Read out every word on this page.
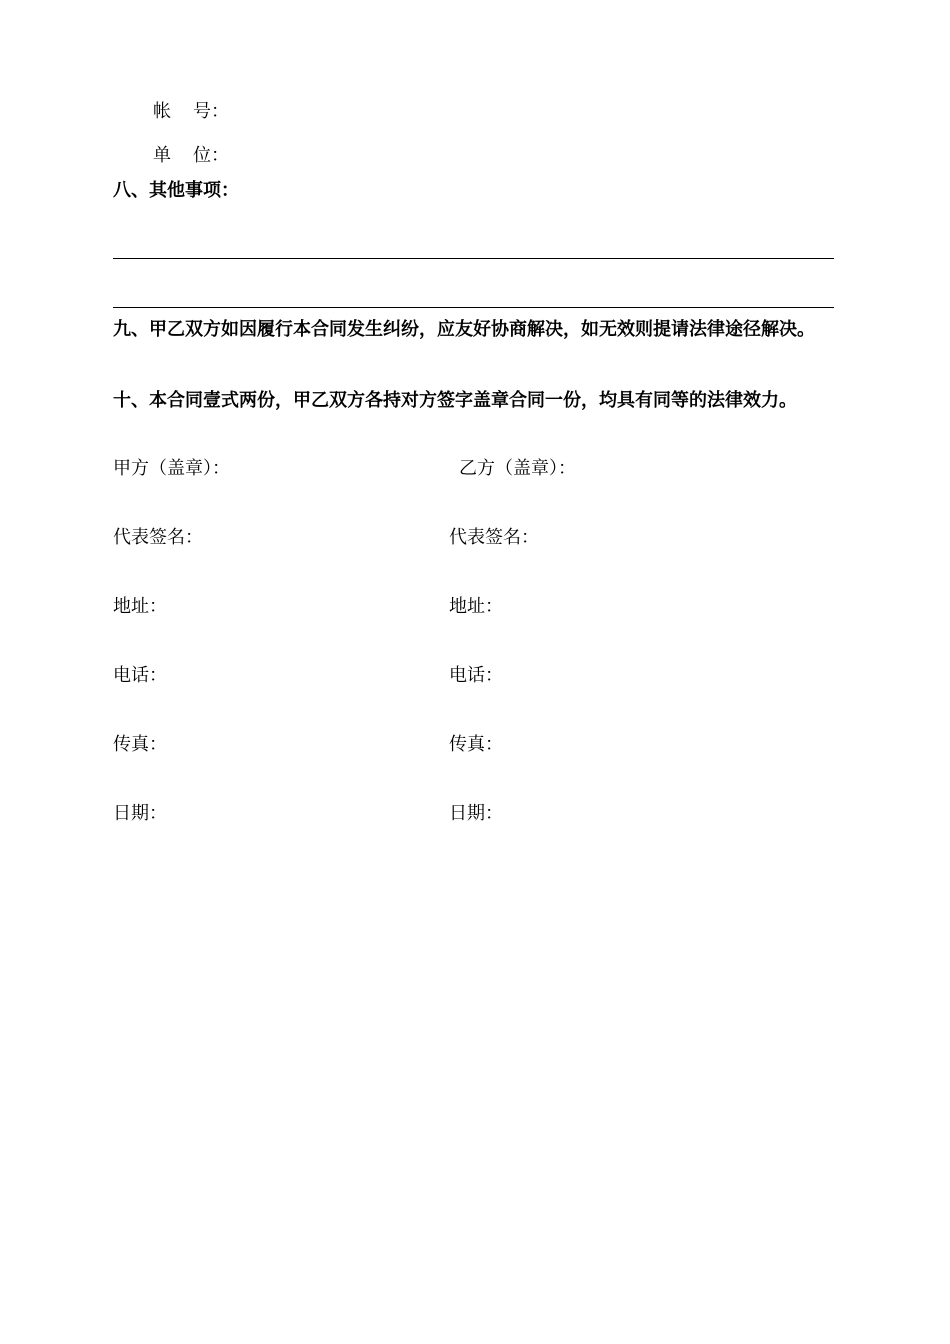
帐 号：
单 位：
八、其他事项：
九、甲乙双方如因履行本合同发生纠纷，应友好协商解决，如无效则提请法律途径解决。
十、本合同壹式两份，甲乙双方各持对方签字盖章合同一份，均具有同等的法律效力。
甲方（盖章）：
代表签名：
地址：
电话：
传真：
日期：
乙方（盖章）：
代表签名：
地址：
电话：
传真：
日期：
